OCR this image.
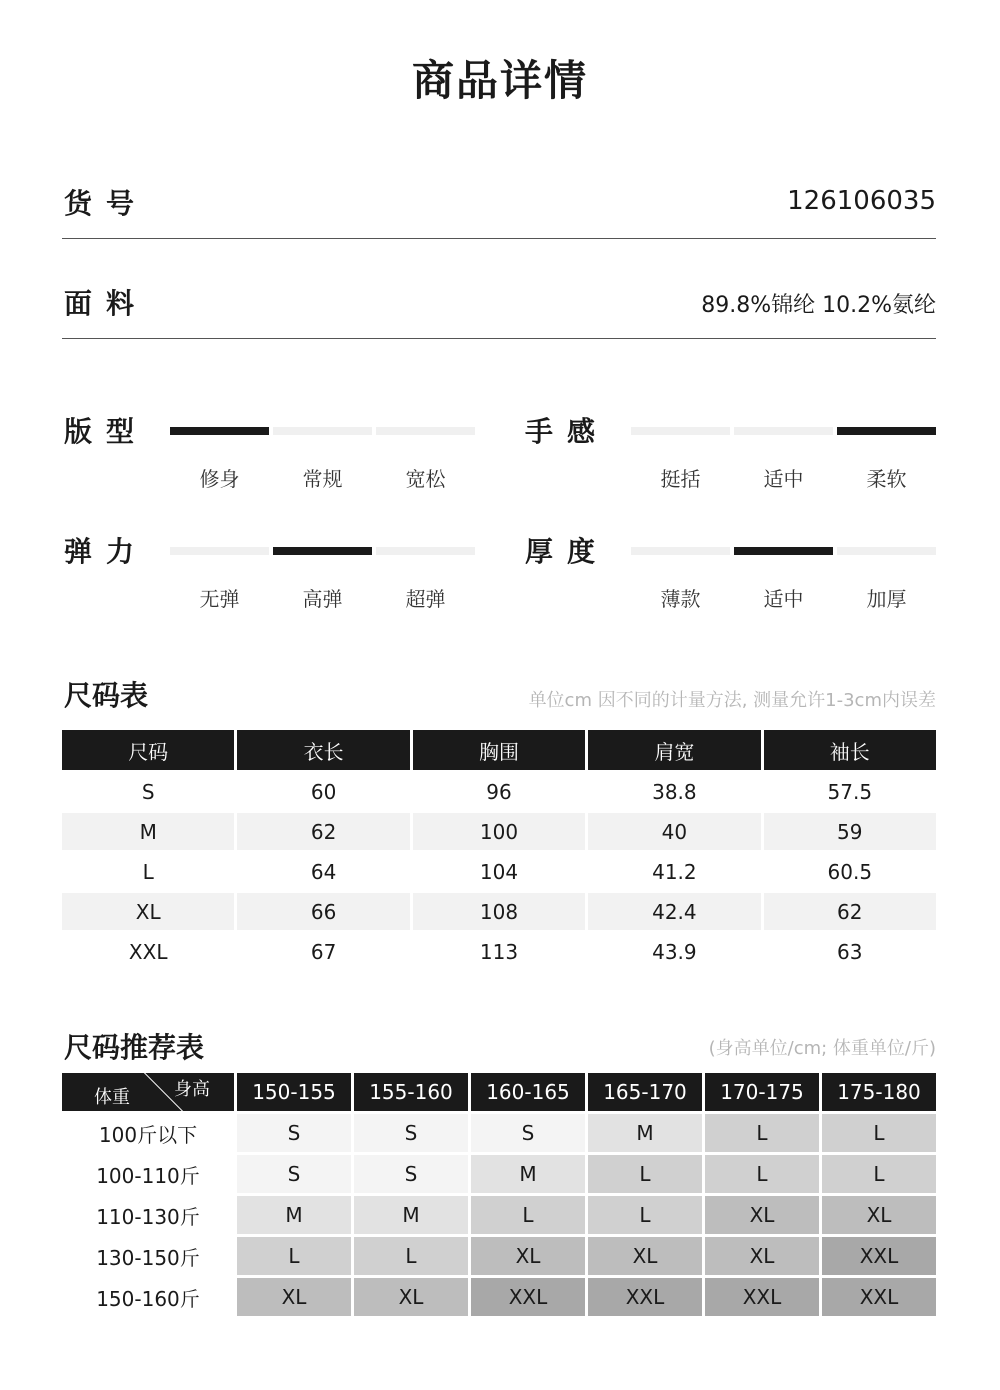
商品详情
货号	126106035
面料	89.8%锦纶 10.2%氨纶
版型
修身	常规	宽松
手感
挺括	适中	柔软
弹力
无弹	高弹	超弹
厚度
薄款	适中	加厚
尺码表	单位cm 因不同的计量方法, 测量允许1-3cm内误差
尺码	衣长	胸围	肩宽	袖长
S	60	96	38.8	57.5
M	62	100	40	59
L	64	104	41.2	60.5
XL	66	108	42.4	62
XXL	67	113	43.9	63
尺码推荐表	(身高单位/cm; 体重单位/斤)
体重 身高	150-155	155-160	160-165	165-170	170-175	175-180
100斤以下	S	S	S	M	L	L
100-110斤	S	S	M	L	L	L
110-130斤	M	M	L	L	XL	XL
130-150斤	L	L	XL	XL	XL	XXL
150-160斤	XL	XL	XXL	XXL	XXL	XXL
